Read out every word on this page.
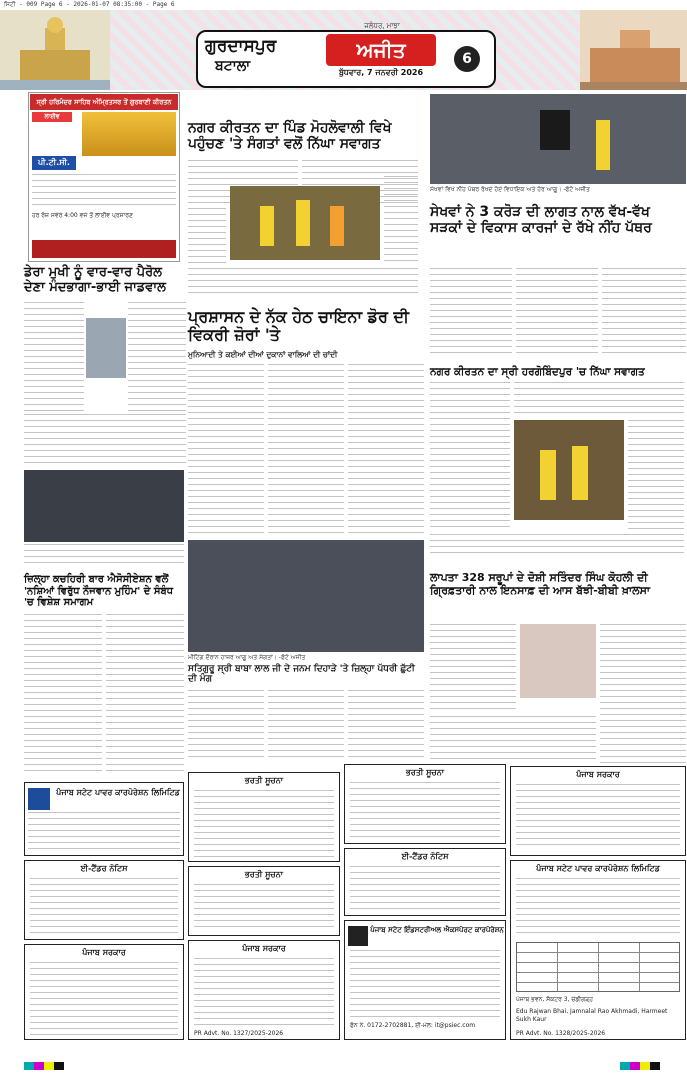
ਸਿਟੀ - 009 Page 6 - 2026-01-07 08:35:00 - Page 6
ਗੁਰਦਾਸਪੁਰ
ਬਟਾਲਾ
ਜਲੰਧਰ, ਮਾਝਾ
ਅਜੀਤ
ਬੁੱਧਵਾਰ, 7 ਜਨਵਰੀ 2026
6
ਸ੍ਰੀ ਹਰਿਮੰਦਰ ਸਾਹਿਬ ਅੰਮ੍ਰਿਤਸਰ ਤੋਂ ਗੁਰਬਾਣੀ ਕੀਰਤਨ
ਲਾਈਵ
ਪੀ.ਟੀ.ਸੀ.
ਹਰ ਰੋਜ਼ ਸਵੇਰੇ 4:00 ਵਜੇ ਤੋਂ ਲਾਈਵ ਪ੍ਰਸਾਰਣ
ਡੇਰਾ ਮੁਖੀ ਨੂੰ ਵਾਰ-ਵਾਰ ਪੈਰੋਲ ਦੇਣਾ ਮੰਦਭਾਗਾ-ਭਾਈ ਜਾਡਵਾਲ
ਜ਼ਿਲ੍ਹਾ ਕਚਹਿਰੀ ਬਾਰ ਐਸੋਸੀਏਸ਼ਨ ਵਲੋਂ 'ਨਸ਼ਿਆਂ ਵਿਰੁੱਧ ਨੌਜਵਾਨ ਮੁਹਿੰਮ' ਦੇ ਸੰਬੰਧ 'ਚ ਵਿਸ਼ੇਸ਼ ਸਮਾਗਮ
ਨਗਰ ਕੀਰਤਨ ਦਾ ਪਿੰਡ ਮੋਹਲੋਵਾਲੀ ਵਿਖੇ ਪਹੁੰਚਣ 'ਤੇ ਸੰਗਤਾਂ ਵਲੋਂ ਨਿੱਘਾ ਸਵਾਗਤ
ਪ੍ਰਸ਼ਾਸਨ ਦੇ ਨੱਕ ਹੇਠ ਚਾਇਨਾ ਡੋਰ ਦੀ ਵਿਕਰੀ ਜ਼ੋਰਾਂ 'ਤੇ
ਮੁਨਿਆਦੀ ਤੇ ਕਈਆਂ ਦੀਆਂ ਦੁਕਾਨਾਂ ਵਾਲਿਆਂ ਦੀ ਚਾਂਦੀ
ਮੀਟਿੰਗ ਦੌਰਾਨ ਹਾਜ਼ਰ ਆਗੂ ਅਤੇ ਸੰਗਤਾਂ। -ਫੋਟੋ ਅਜੀਤ
ਸਤਿਗੁਰੂ ਸ੍ਰੀ ਬਾਬਾ ਲਾਲ ਜੀ ਦੇ ਜਨਮ ਦਿਹਾੜੇ 'ਤੇ ਜ਼ਿਲ੍ਹਾ ਪੱਧਰੀ ਛੁੱਟੀ ਦੀ ਮੰਗ
ਸੇਖਵਾਂ ਵਿਖੇ ਨੀਂਹ ਪੱਥਰ ਰੱਖਦੇ ਹੋਏ ਵਿਧਾਇਕ ਅਤੇ ਹੋਰ ਆਗੂ। -ਫੋਟੋ ਅਜੀਤ
ਸੇਖਵਾਂ ਨੇ 3 ਕਰੋੜ ਦੀ ਲਾਗਤ ਨਾਲ ਵੱਖ-ਵੱਖ ਸੜਕਾਂ ਦੇ ਵਿਕਾਸ ਕਾਰਜਾਂ ਦੇ ਰੱਖੇ ਨੀਂਹ ਪੱਥਰ
ਨਗਰ ਕੀਰਤਨ ਦਾ ਸ੍ਰੀ ਹਰਗੋਬਿੰਦਪੁਰ 'ਚ ਨਿੱਘਾ ਸਵਾਗਤ
ਲਾਪਤਾ 328 ਸਰੂਪਾਂ ਦੇ ਦੋਸ਼ੀ ਸਤਿੰਦਰ ਸਿੰਘ ਕੋਹਲੀ ਦੀ ਗ੍ਰਿਫ਼ਤਾਰੀ ਨਾਲ ਇਨਸਾਫ਼ ਦੀ ਆਸ ਬੱਝੀ-ਬੀਬੀ ਖ਼ਾਲਸਾ
ਪੰਜਾਬ ਸਟੇਟ ਪਾਵਰ ਕਾਰਪੋਰੇਸ਼ਨ ਲਿਮਿਟਿਡ
ਈ-ਟੈਂਡਰ ਨੋਟਿਸ
ਪੰਜਾਬ ਸਰਕਾਰ
ਭਰਤੀ ਸੂਚਨਾ
ਭਰਤੀ ਸੂਚਨਾ
ਪੰਜਾਬ ਸਰਕਾਰ
PR Advt. No. 1327/2025-2026
ਭਰਤੀ ਸੂਚਨਾ
ਈ-ਟੈਂਡਰ ਨੋਟਿਸ
ਪੰਜਾਬ ਸਟੇਟ ਇੰਡਸਟਰੀਅਲ ਐਕਸਪੋਰਟ ਕਾਰਪੋਰੇਸ਼ਨ
ਫੋਨ ਨੰ. 0172-2702881, ਈ-ਮੇਲ: it@psiec.com
ਪੰਜਾਬ ਸਰਕਾਰ
ਪੰਜਾਬ ਸਟੇਟ ਪਾਵਰ ਕਾਰਪੋਰੇਸ਼ਨ ਲਿਮਿਟਿਡ
ਪੰਜਾਬ ਭਵਨ, ਸੈਕਟਰ 3, ਚੰਡੀਗੜ੍ਹ
Edu Rajwan Bhai, Jamnalal Rao Akhmadi, Harmeet Sukh Kaur
PR Advt. No. 1328/2025-2026
